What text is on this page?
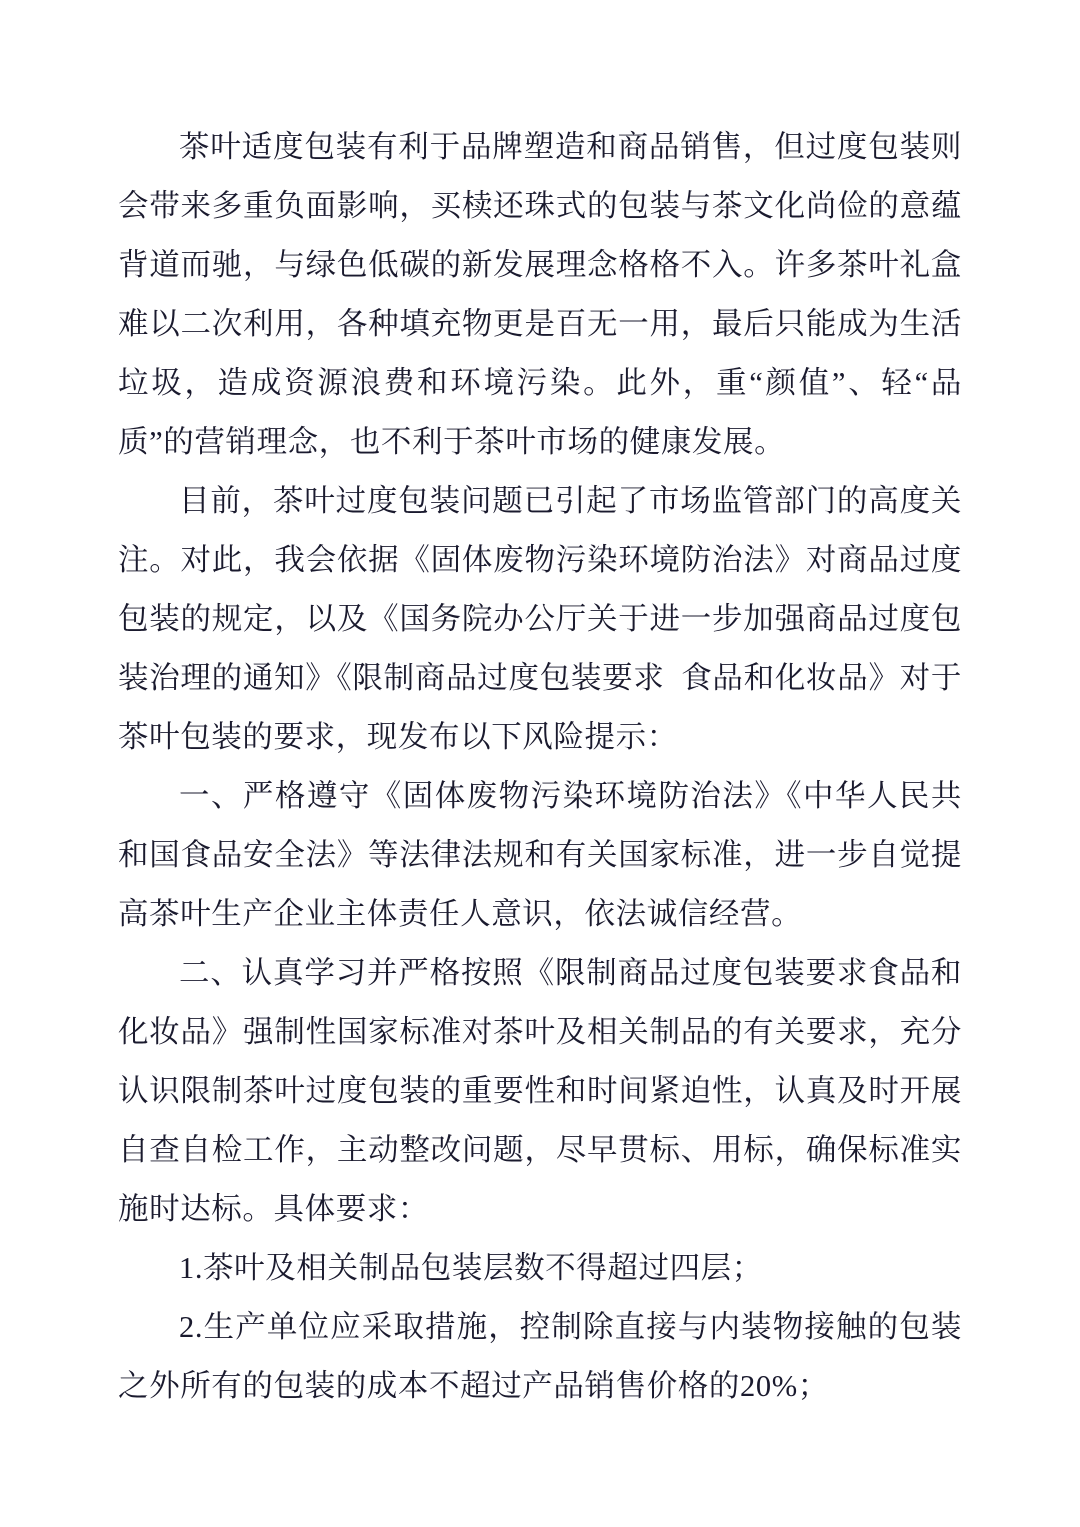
茶叶适度包装有利于品牌塑造和商品销售，但过度包装则会带来多重负面影响，买椟还珠式的包装与茶文化尚俭的意蕴背道而驰，与绿色低碳的新发展理念格格不入。许多茶叶礼盒难以二次利用，各种填充物更是百无一用，最后只能成为生活垃圾，造成资源浪费和环境污染。此外，重“颜值”、轻“品质”的营销理念，也不利于茶叶市场的健康发展。

目前，茶叶过度包装问题已引起了市场监管部门的高度关注。对此，我会依据《固体废物污染环境防治法》对商品过度包装的规定，以及《国务院办公厅关于进一步加强商品过度包装治理的通知》《限制商品过度包装要求  食品和化妆品》对于茶叶包装的要求，现发布以下风险提示：

一、严格遵守《固体废物污染环境防治法》《中华人民共和国食品安全法》等法律法规和有关国家标准，进一步自觉提高茶叶生产企业主体责任人意识，依法诚信经营。

二、认真学习并严格按照《限制商品过度包装要求食品和化妆品》强制性国家标准对茶叶及相关制品的有关要求，充分认识限制茶叶过度包装的重要性和时间紧迫性，认真及时开展自查自检工作，主动整改问题，尽早贯标、用标，确保标准实施时达标。具体要求：

1.茶叶及相关制品包装层数不得超过四层；

2.生产单位应采取措施，控制除直接与内装物接触的包装之外所有的包装的成本不超过产品销售价格的20%；
